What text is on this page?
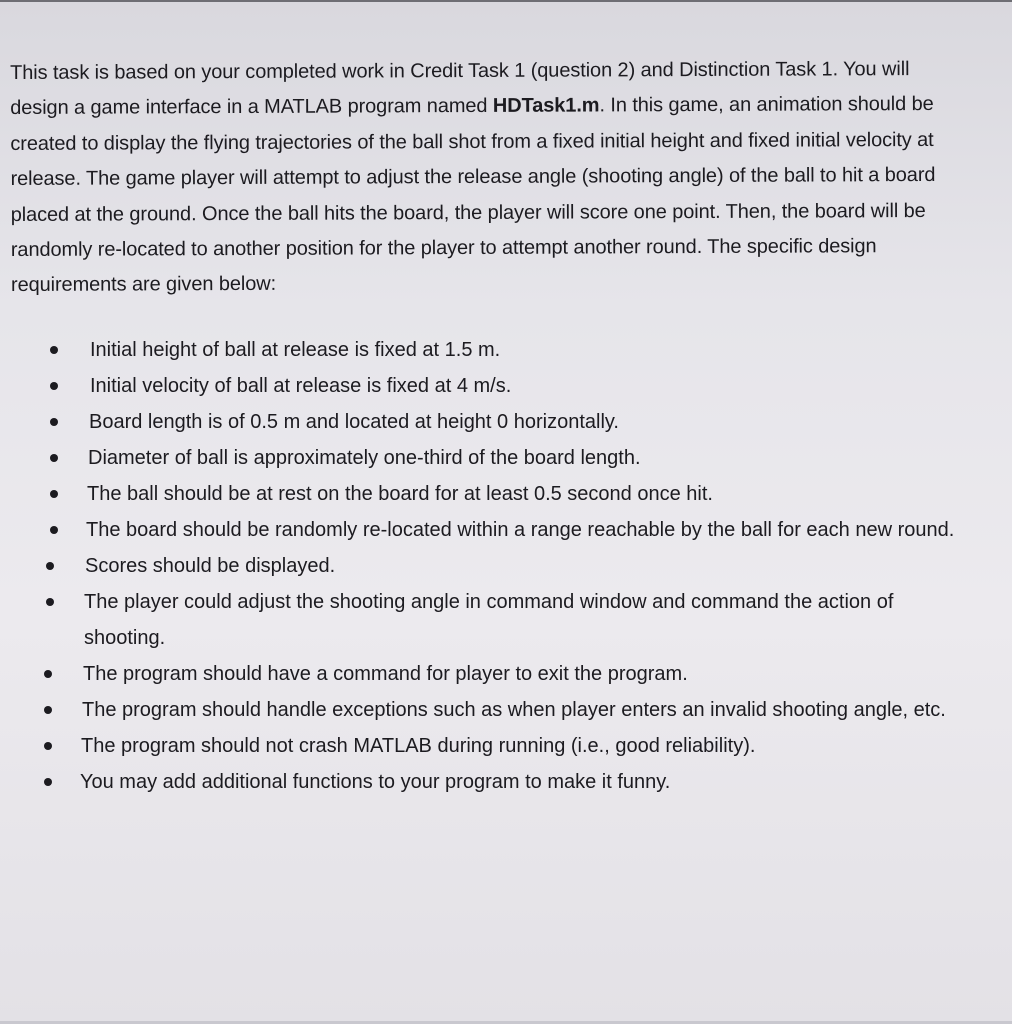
This task is based on your completed work in Credit Task 1 (question 2) and Distinction Task 1. You will design a game interface in a MATLAB program named HDTask1.m. In this game, an animation should be created to display the flying trajectories of the ball shot from a fixed initial height and fixed initial velocity at release. The game player will attempt to adjust the release angle (shooting angle) of the ball to hit a board placed at the ground. Once the ball hits the board, the player will score one point. Then, the board will be randomly re-located to another position for the player to attempt another round. The specific design requirements are given below:

Initial height of ball at release is fixed at 1.5 m.
Initial velocity of ball at release is fixed at 4 m/s.
Board length is of 0.5 m and located at height 0 horizontally.
Diameter of ball is approximately one-third of the board length.
The ball should be at rest on the board for at least 0.5 second once hit.
The board should be randomly re-located within a range reachable by the ball for each new round.
Scores should be displayed.
The player could adjust the shooting angle in command window and command the action of shooting.
The program should have a command for player to exit the program.
The program should handle exceptions such as when player enters an invalid shooting angle, etc.
The program should not crash MATLAB during running (i.e., good reliability).
You may add additional functions to your program to make it funny.
